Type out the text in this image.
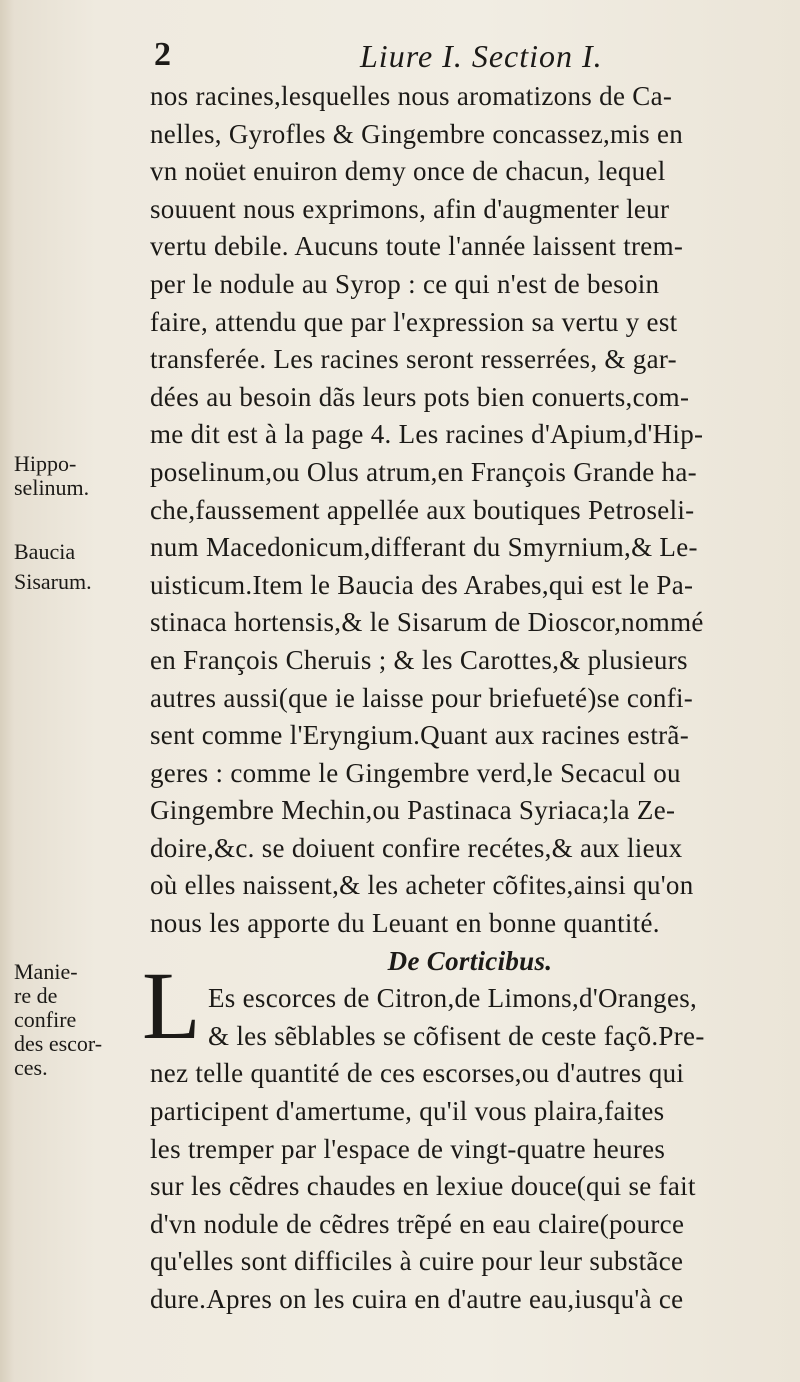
2	Liure I. Section I.
nos racines,lesquelles nous aromatizons de Ca-
nelles, Gyrofles & Gingembre concassez,mis en
vn noüet enuiron demy once de chacun, lequel
souuent nous exprimons, afin d'augmenter leur
vertu debile. Aucuns toute l'année laissent trem-
per le nodule au Syrop : ce qui n'est de besoin
faire, attendu que par l'expression sa vertu y est
transferée. Les racines seront resserrées, & gar-
dées au besoin dãs leurs pots bien conuerts,com-
me dit est à la page 4. Les racines d'Apium,d'Hip-
poselinum,ou Olus atrum,en François Grande ha-
che,faussement appellée aux boutiques Petroseli-
num Macedonicum,differant du Smyrnium,& Le-
uisticum.Item le Baucia des Arabes,qui est le Pa-
stinaca hortensis,& le Sisarum de Dioscor,nommé
en François Cheruis ; & les Carottes,& plusieurs
autres aussi(que ie laisse pour briefueté)se confi-
sent comme l'Eryngium.Quant aux racines estrã-
geres : comme le Gingembre verd,le Secacul ou
Gingembre Mechin,ou Pastinaca Syriaca;la Ze-
doire,&c. se doiuent confire recétes,& aux lieux
où elles naissent,& les acheter cõfites,ainsi qu'on
nous les apporte du Leuant en bonne quantité.
De Corticibus.
Es escorces de Citron,de Limons,d'Oranges,
& les sẽblables se cõfisent de ceste façõ.Pre-
nez telle quantité de ces escorses,ou d'autres qui
participent d'amertume, qu'il vous plaira,faites
les tremper par l'espace de vingt-quatre heures
sur les cẽdres chaudes en lexiue douce(qui se fait
d'vn nodule de cẽdres trẽpé en eau claire(pource
qu'elles sont difficiles à cuire pour leur substãce
dure.Apres on les cuira en d'autre eau,iusqu'à ce
L
Hippo-
selinum.
Baucia
Sisarum.
Manie-
re de
confire
des escor-
ces.
